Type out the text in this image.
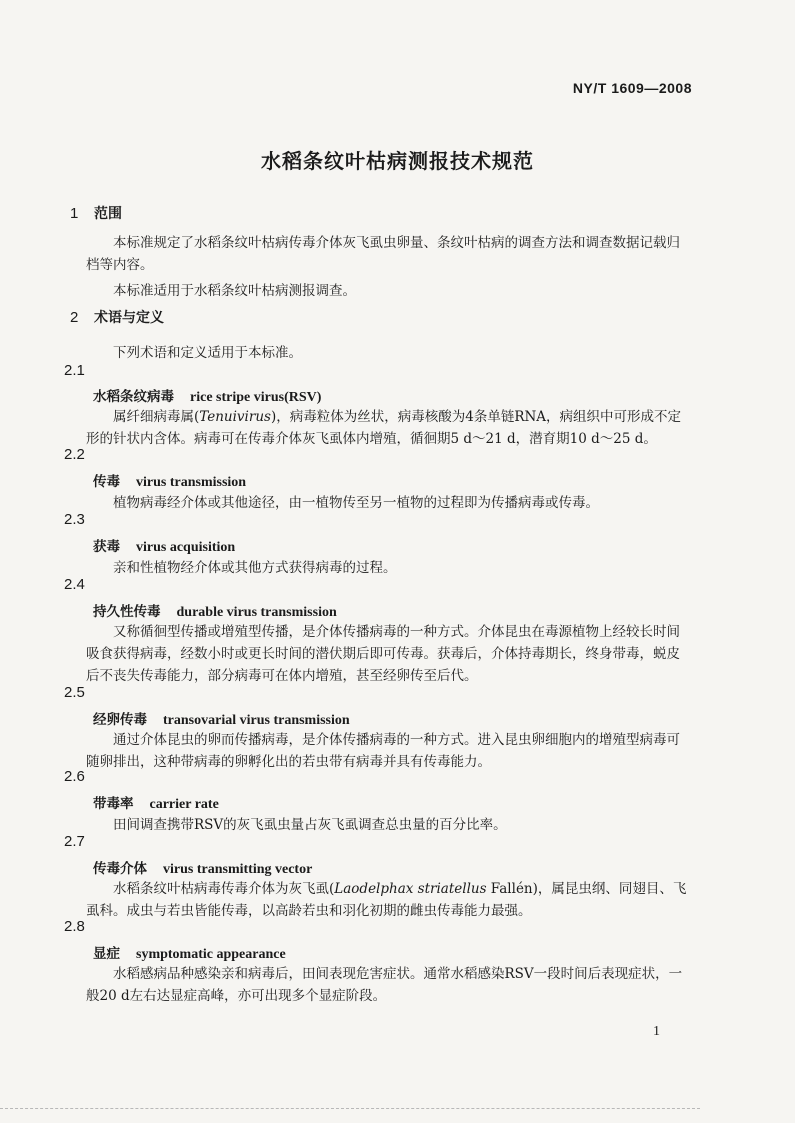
NY/T 1609—2008
水稻条纹叶枯病测报技术规范
1 范围
本标准规定了水稻条纹叶枯病传毒介体灰飞虱虫卵量、条纹叶枯病的调查方法和调查数据记载归档等内容。
本标准适用于水稻条纹叶枯病测报调查。
2 术语与定义
下列术语和定义适用于本标准。
2.1
水稻条纹病毒 rice stripe virus(RSV)
属纤细病毒属(Tenuivirus)，病毒粒体为丝状，病毒核酸为4条单链RNA，病组织中可形成不定形的针状内含体。病毒可在传毒介体灰飞虱体内增殖，循徊期5 d～21 d，潜育期10 d～25 d。
2.2
传毒 virus transmission
植物病毒经介体或其他途径，由一植物传至另一植物的过程即为传播病毒或传毒。
2.3
获毒 virus acquisition
亲和性植物经介体或其他方式获得病毒的过程。
2.4
持久性传毒 durable virus transmission
又称循徊型传播或增殖型传播，是介体传播病毒的一种方式。介体昆虫在毒源植物上经较长时间吸食获得病毒，经数小时或更长时间的潜伏期后即可传毒。获毒后，介体持毒期长，终身带毒，蜕皮后不丧失传毒能力，部分病毒可在体内增殖，甚至经卵传至后代。
2.5
经卵传毒 transovarial virus transmission
通过介体昆虫的卵而传播病毒，是介体传播病毒的一种方式。进入昆虫卵细胞内的增殖型病毒可随卵排出，这种带病毒的卵孵化出的若虫带有病毒并具有传毒能力。
2.6
带毒率 carrier rate
田间调查携带RSV的灰飞虱虫量占灰飞虱调查总虫量的百分比率。
2.7
传毒介体 virus transmitting vector
水稻条纹叶枯病毒传毒介体为灰飞虱(Laodelphax striatellus Fallén)，属昆虫纲、同翅目、飞虱科。成虫与若虫皆能传毒，以高龄若虫和羽化初期的雌虫传毒能力最强。
2.8
显症 symptomatic appearance
水稻感病品种感染亲和病毒后，田间表现危害症状。通常水稻感染RSV一段时间后表现症状，一般20 d左右达显症高峰，亦可出现多个显症阶段。
1
